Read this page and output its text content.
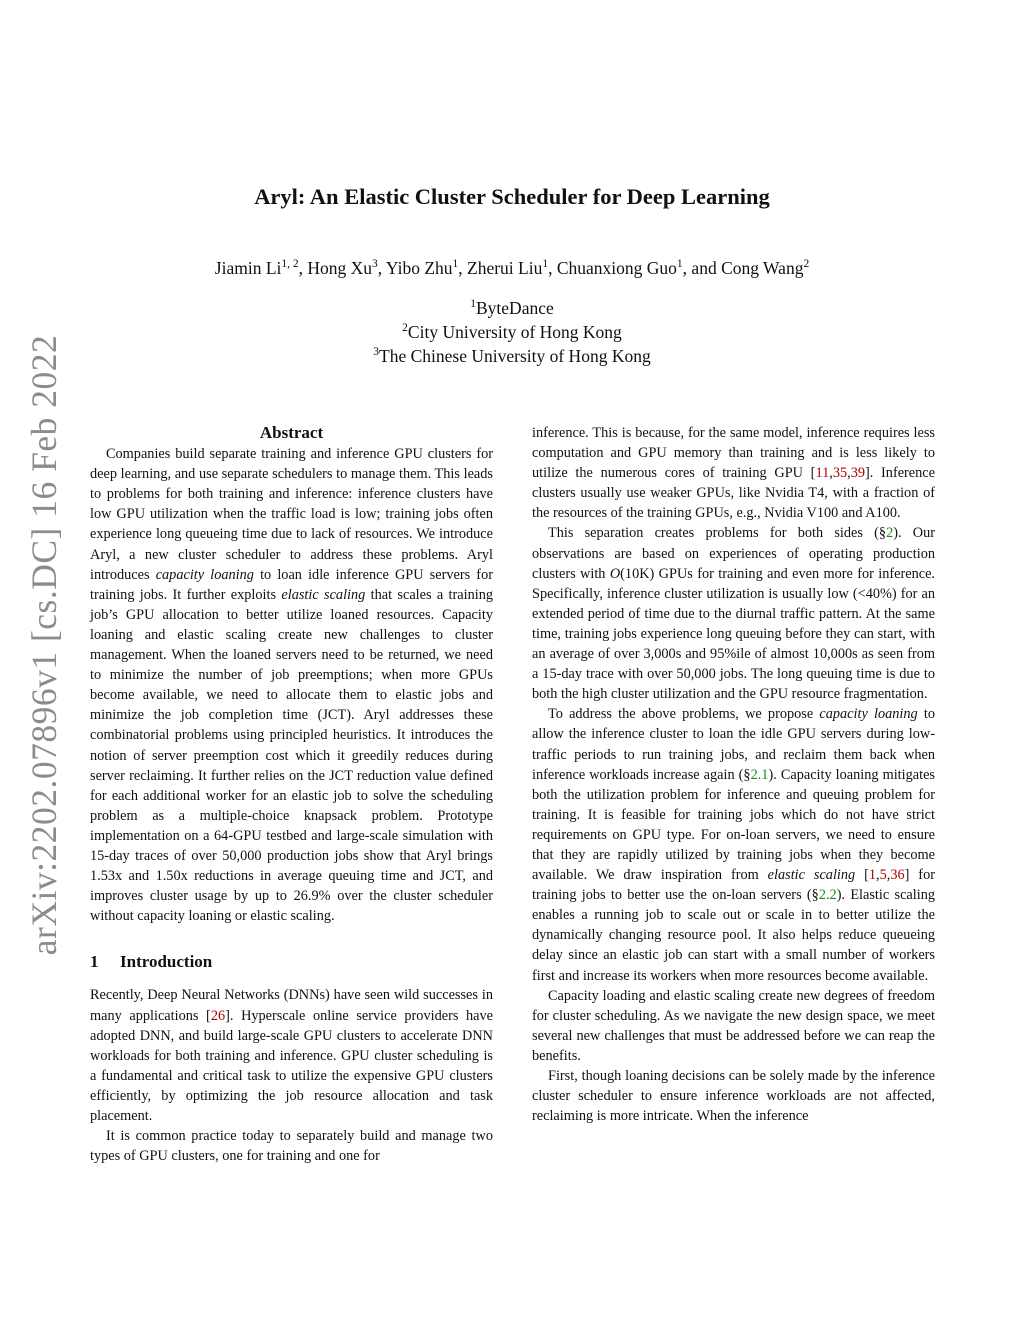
arXiv:2202.07896v1 [cs.DC] 16 Feb 2022
Aryl: An Elastic Cluster Scheduler for Deep Learning

Jiamin Li$^{1, 2}$, Hong Xu$^3$, Yibo Zhu$^1$, Zherui Liu$^1$, Chuanxiong Guo$^1$, and Cong Wang$^2$

$^1$ByteDance

$^2$City University of Hong Kong

$^3$The Chinese University of Hong Kong

Abstract

Companies build separate training and inference GPU clusters for deep learning, and use separate schedulers to manage them. This leads to problems for both training and inference: inference clusters have low GPU utilization when the traffic load is low; training jobs often experience long queueing time due to lack of resources. We introduce Aryl, a new cluster scheduler to address these problems. Aryl introduces capacity loaning to loan idle inference GPU servers for training jobs. It further exploits elastic scaling that scales a training job’s GPU allocation to better utilize loaned resources. Capacity loaning and elastic scaling create new challenges to cluster management. When the loaned servers need to be returned, we need to minimize the number of job preemptions; when more GPUs become available, we need to allocate them to elastic jobs and minimize the job completion time (JCT). Aryl addresses these combinatorial problems using principled heuristics. It introduces the notion of server preemption cost which it greedily reduces during server reclaiming. It further relies on the JCT reduction value defined for each additional worker for an elastic job to solve the scheduling problem as a multiple-choice knapsack problem. Prototype implementation on a 64-GPU testbed and large-scale simulation with 15-day traces of over 50,000 production jobs show that Aryl brings 1.53x and 1.50x reductions in average queuing time and JCT, and improves cluster usage by up to 26.9% over the cluster scheduler without capacity loaning or elastic scaling.

1 Introduction

Recently, Deep Neural Networks (DNNs) have seen wild successes in many applications [26]. Hyperscale online service providers have adopted DNN, and build large-scale GPU clusters to accelerate DNN workloads for both training and inference. GPU cluster scheduling is a fundamental and critical task to utilize the expensive GPU clusters efficiently, by optimizing the job resource allocation and task placement.

It is common practice today to separately build and manage two types of GPU clusters, one for training and one for

inference. This is because, for the same model, inference requires less computation and GPU memory than training and is less likely to utilize the numerous cores of training GPU [11,35,39]. Inference clusters usually use weaker GPUs, like Nvidia T4, with a fraction of the resources of the training GPUs, e.g., Nvidia V100 and A100.

This separation creates problems for both sides (§2). Our observations are based on experiences of operating production clusters with O(10K) GPUs for training and even more for inference. Specifically, inference cluster utilization is usually low (<40%) for an extended period of time due to the diurnal traffic pattern. At the same time, training jobs experience long queuing before they can start, with an average of over 3,000s and 95%ile of almost 10,000s as seen from a 15-day trace with over 50,000 jobs. The long queuing time is due to both the high cluster utilization and the GPU resource fragmentation.

To address the above problems, we propose capacity loaning to allow the inference cluster to loan the idle GPU servers during low-traffic periods to run training jobs, and reclaim them back when inference workloads increase again (§2.1). Capacity loaning mitigates both the utilization problem for inference and queuing problem for training. It is feasible for training jobs which do not have strict requirements on GPU type. For on-loan servers, we need to ensure that they are rapidly utilized by training jobs when they become available. We draw inspiration from elastic scaling [1,5,36] for training jobs to better use the on-loan servers (§2.2). Elastic scaling enables a running job to scale out or scale in to better utilize the dynamically changing resource pool. It also helps reduce queueing delay since an elastic job can start with a small number of workers first and increase its workers when more resources become available.

Capacity loading and elastic scaling create new degrees of freedom for cluster scheduling. As we navigate the new design space, we meet several new challenges that must be addressed before we can reap the benefits.

First, though loaning decisions can be solely made by the inference cluster scheduler to ensure inference workloads are not affected, reclaiming is more intricate. When the inference
